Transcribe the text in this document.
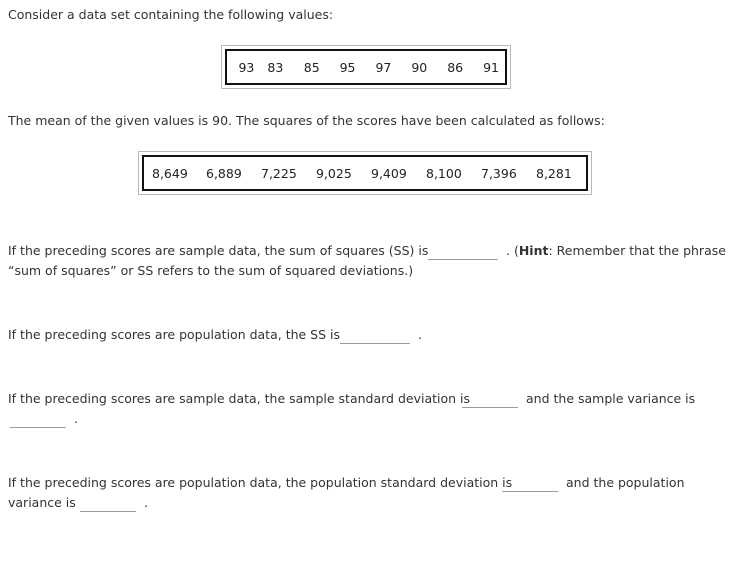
Consider a data set containing the following values:
93	83	85	95	97	90	86	91
The mean of the given values is 90. The squares of the scores have been calculated as follows:
8,649	6,889	7,225	9,025	9,409	8,100	7,396	8,281
If the preceding scores are sample data, the sum of squares (SS) is	. (Hint: Remember that the phrase
“sum of squares” or SS refers to the sum of squared deviations.)
If the preceding scores are population data, the SS is	.
If the preceding scores are sample data, the sample standard deviation is	and the sample variance is
.
If the preceding scores are population data, the population standard deviation is	and the population
variance is	.
